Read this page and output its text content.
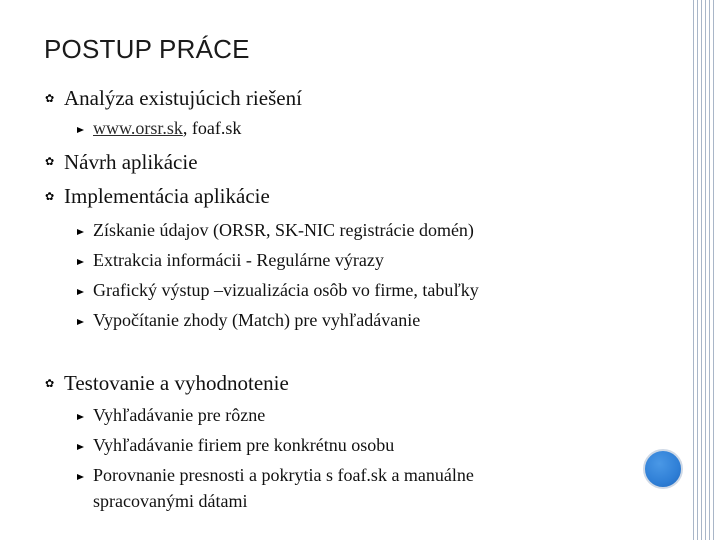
POSTUP PRÁCE
✿ Analýza existujúcich riešení
www.orsr.sk, foaf.sk
✿ Návrh aplikácie
✿ Implementácia aplikácie
Získanie údajov (ORSR, SK-NIC registrácie domén)
Extrakcia informácii - Regulárne výrazy
Grafický výstup –vizualizácia osôb vo firme, tabuľky
Vypočítanie zhody (Match) pre vyhľadávanie
✿ Testovanie a vyhodnotenie
Vyhľadávanie pre rôzne
Vyhľadávanie firiem pre konkrétnu osobu
Porovnanie presnosti a pokrytia s foaf.sk a manuálne
spracovanými dátami
